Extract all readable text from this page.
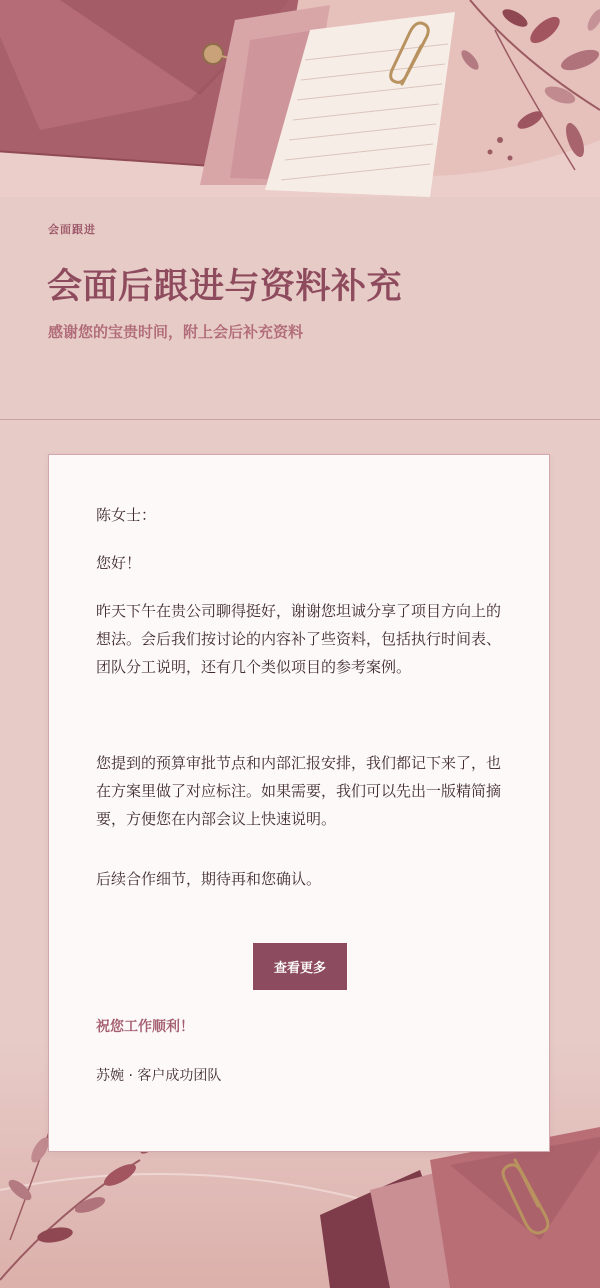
会面跟进
会面后跟进与资料补充
感谢您的宝贵时间，附上会后补充资料

陈女士：

您好！

昨天下午在贵公司聊得挺好，谢谢您坦诚分享了项目方向上的想法。会后我们按讨论的内容补了些资料，包括执行时间表、团队分工说明，还有几个类似项目的参考案例。

您提到的预算审批节点和内部汇报安排，我们都记下来了，也在方案里做了对应标注。如果需要，我们可以先出一版精简摘要，方便您在内部会议上快速说明。

后续合作细节，期待再和您确认。

查看更多
祝您工作顺利！
苏婉 · 客户成功团队
